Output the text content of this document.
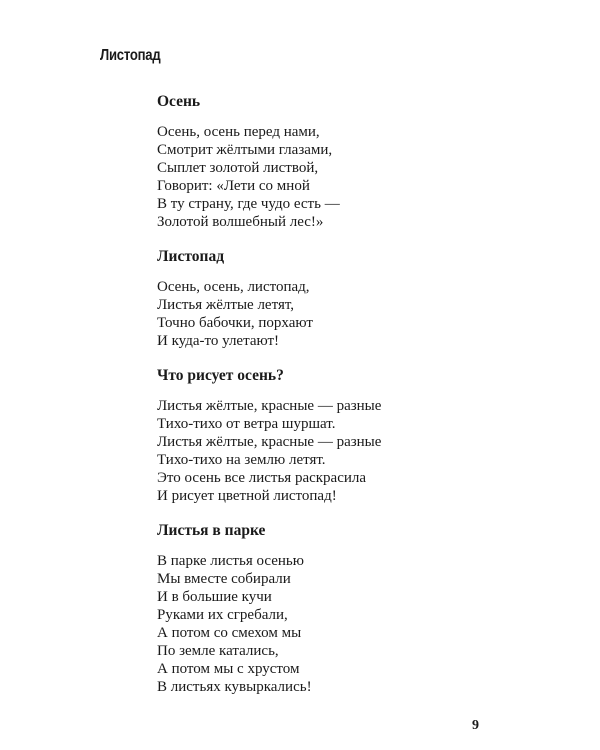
Листопад
Осень
Осень, осень перед нами,
Смотрит жёлтыми глазами,
Сыплет золотой листвой,
Говорит: «Лети со мной
В ту страну, где чудо есть —
Золотой волшебный лес!»
Листопад
Осень, осень, листопад,
Листья жёлтые летят,
Точно бабочки, порхают
И куда-то улетают!
Что рисует осень?
Листья жёлтые, красные — разные
Тихо-тихо от ветра шуршат.
Листья жёлтые, красные — разные
Тихо-тихо на землю летят.
Это осень все листья раскрасила
И рисует цветной листопад!
Листья в парке
В парке листья осенью
Мы вместе собирали
И в большие кучи
Руками их сгребали,
А потом со смехом мы
По земле катались,
А потом мы с хрустом
В листьях кувыркались!
9
